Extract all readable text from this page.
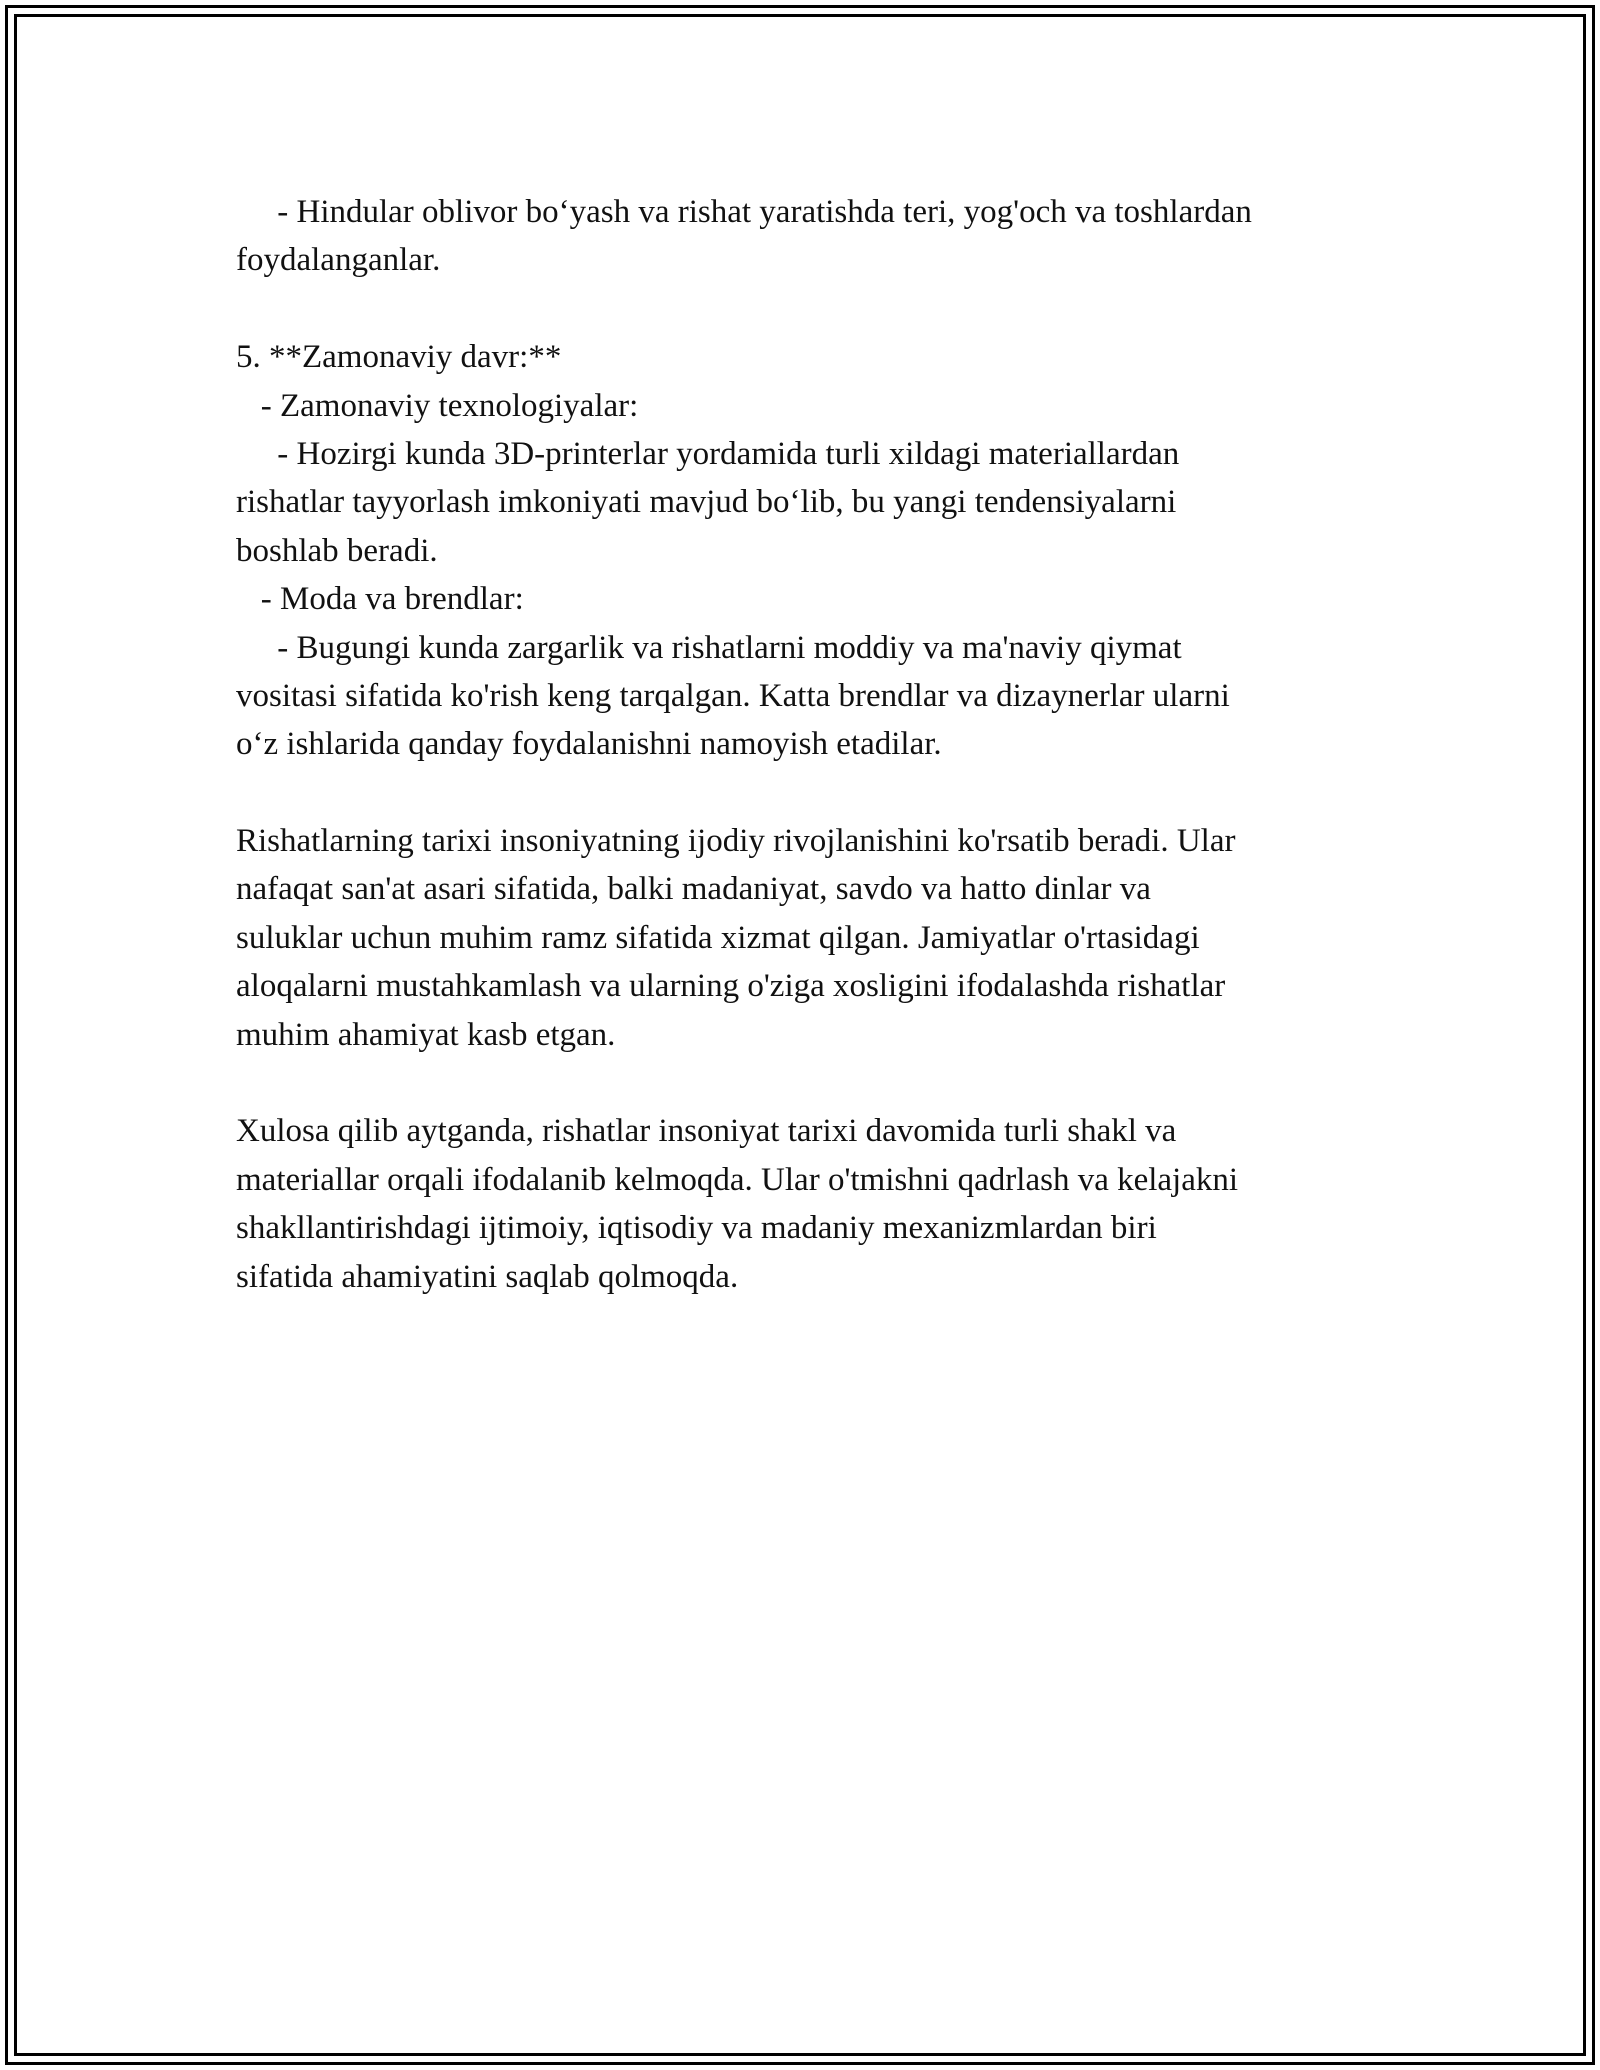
- Hindular oblivor bo‘yash va rishat yaratishda teri, yog'och va toshlardan
foydalanganlar.
5. **Zamonaviy davr:**
- Zamonaviy texnologiyalar:
- Hozirgi kunda 3D-printerlar yordamida turli xildagi materiallardan
rishatlar tayyorlash imkoniyati mavjud bo‘lib, bu yangi tendensiyalarni
boshlab beradi.
- Moda va brendlar:
- Bugungi kunda zargarlik va rishatlarni moddiy va ma'naviy qiymat
vositasi sifatida ko'rish keng tarqalgan. Katta brendlar va dizaynerlar ularni
o‘z ishlarida qanday foydalanishni namoyish etadilar.
Rishatlarning tarixi insoniyatning ijodiy rivojlanishini ko'rsatib beradi. Ular
nafaqat san'at asari sifatida, balki madaniyat, savdo va hatto dinlar va
suluklar uchun muhim ramz sifatida xizmat qilgan. Jamiyatlar o'rtasidagi
aloqalarni mustahkamlash va ularning o'ziga xosligini ifodalashda rishatlar
muhim ahamiyat kasb etgan.
Xulosa qilib aytganda, rishatlar insoniyat tarixi davomida turli shakl va
materiallar orqali ifodalanib kelmoqda. Ular o'tmishni qadrlash va kelajakni
shakllantirishdagi ijtimoiy, iqtisodiy va madaniy mexanizmlardan biri
sifatida ahamiyatini saqlab qolmoqda.
